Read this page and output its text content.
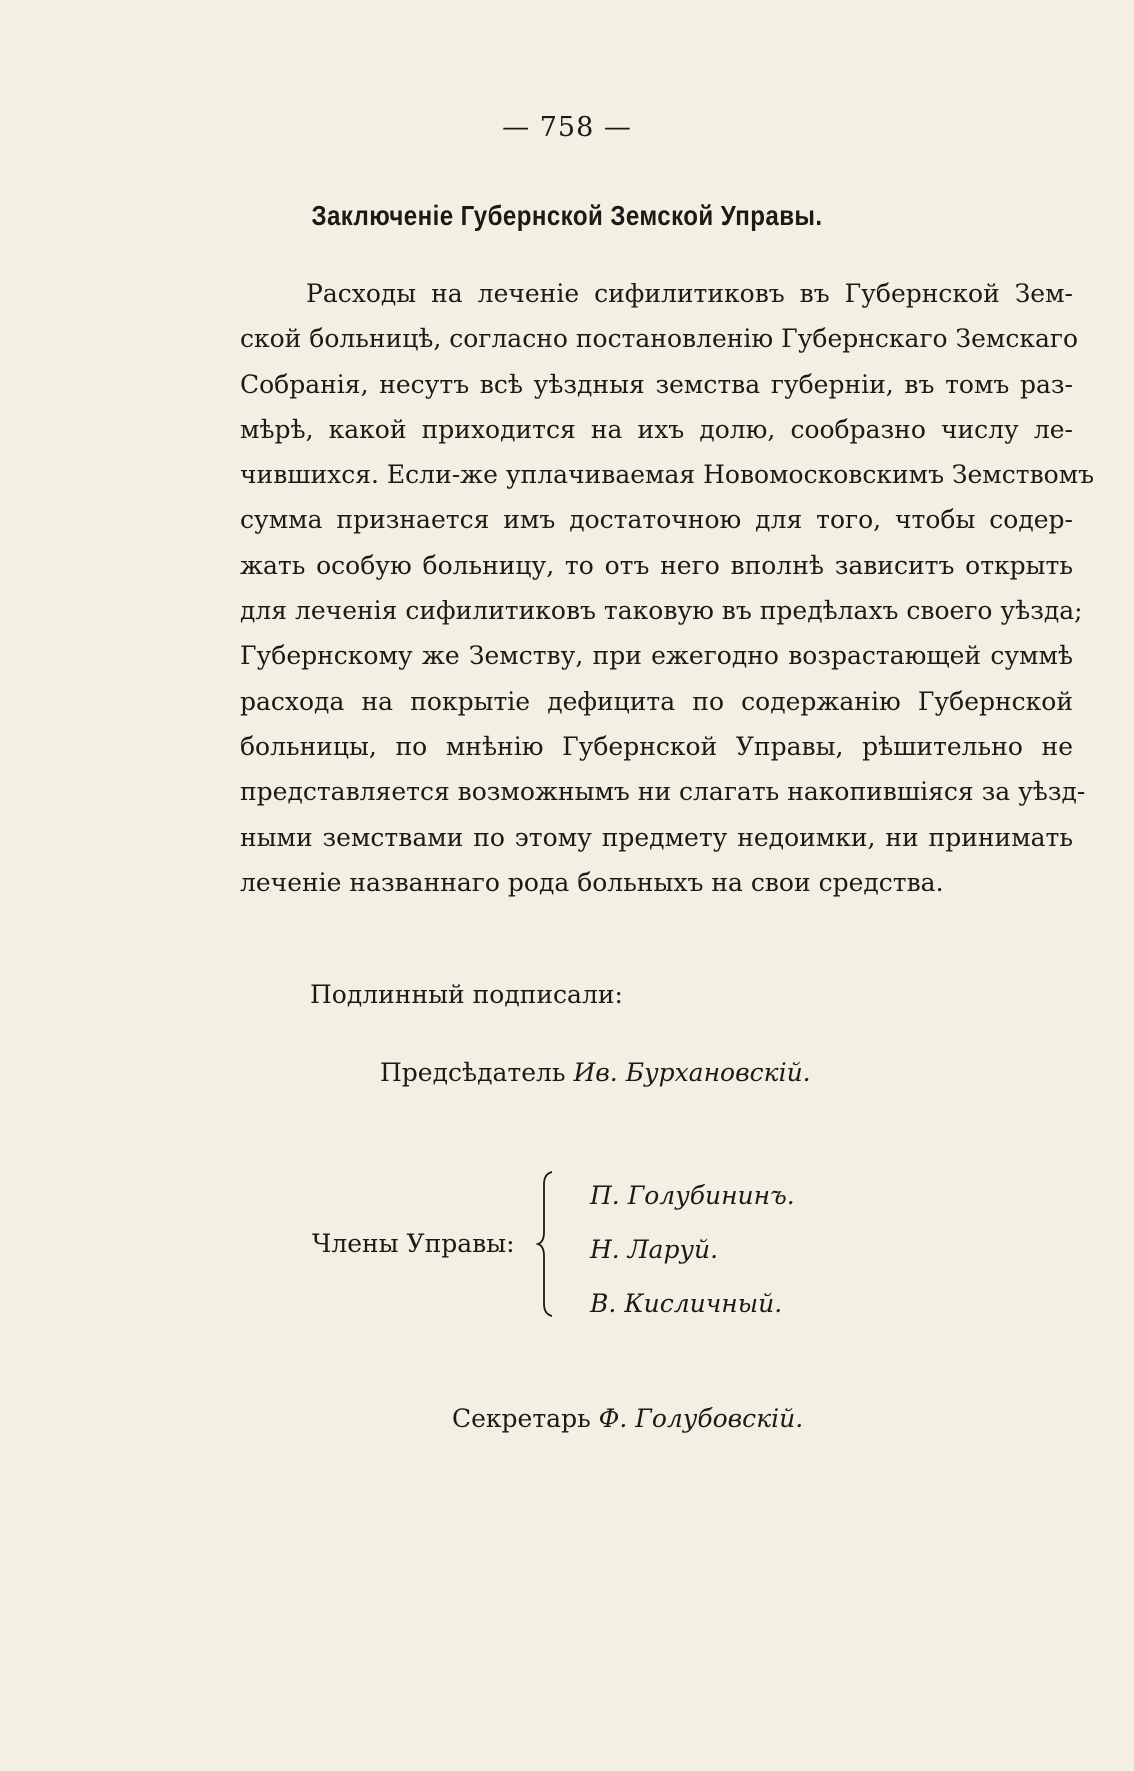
— 758 —
Заключеніе Губернской Земской Управы.
Расходы на леченіе сифилитиковъ въ Губернской Зем-
ской больницѣ, согласно постановленію Губернскаго Земскаго
Собранія, несутъ всѣ уѣздныя земства губерніи, въ томъ раз-
мѣрѣ, какой приходится на ихъ долю, сообразно числу ле-
чившихся. Если-же уплачиваемая Новомосковскимъ Земствомъ
сумма признается имъ достаточною для того, чтобы содер-
жать особую больницу, то отъ него вполнѣ зависитъ открыть
для леченія сифилитиковъ таковую въ предѣлахъ своего уѣзда;
Губернскому же Земству, при ежегодно возрастающей суммѣ
расхода на покрытіе дефицита по содержанію Губернской
больницы, по мнѣнію Губернской Управы, рѣшительно не
представляется возможнымъ ни слагать накопившіяся за уѣзд-
ными земствами по этому предмету недоимки, ни принимать
леченіе названнаго рода больныхъ на свои средства.
Подлинный подписали:
Предсѣдатель Ив. Бурхановскій.
Члены Управы:
П. Голубининъ.
Н. Ларуй.
В. Кисличный.
Секретарь Ф. Голубовскій.
